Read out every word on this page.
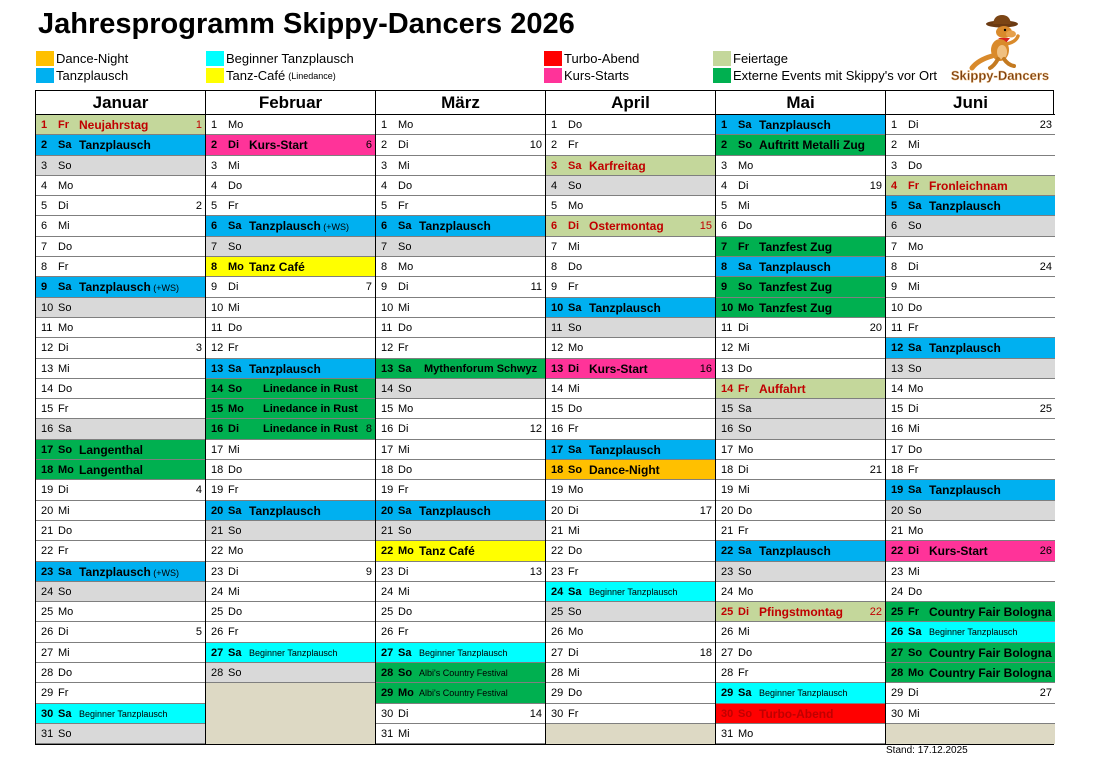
Jahresprogramm Skippy-Dancers 2026
Dance-Night
Tanzplausch
Beginner Tanzplausch
Tanz-Café (Linedance)
Turbo-Abend
Kurs-Starts
Feiertage
Externe Events mit Skippy's vor Ort Skippy-Dancers
Januar
1 Fr Neujahrstag	1
2 Sa Tanzplausch
3 So
4 Mo
5 Di	2
6 Mi
7 Do
8 Fr
9 Sa Tanzplausch (+WS)
10 So
11 Mo
12 Di	3
13 Mi
14 Do
15 Fr
16 Sa
17 So Langenthal
18 Mo Langenthal
19 Di	4
20 Mi
21 Do
22 Fr
23 Sa Tanzplausch (+WS)
24 So
25 Mo
26 Di	5
27 Mi
28 Do
29 Fr
30 Sa Beginner Tanzplausch
31 So
Februar
1 Mo
2 Di Kurs-Start	6
3 Mi
4 Do
5 Fr
6 Sa Tanzplausch (+WS)
7 So
8 Mo Tanz Café
9 Di	7
10 Mi
11 Do
12 Fr
13 Sa Tanzplausch
14 So Linedance in Rust
15 Mo Linedance in Rust
16 Di Linedance in Rust 8
17 Mi
18 Do
19 Fr
20 Sa Tanzplausch
21 So
22 Mo
23 Di	9
24 Mi
25 Do
26 Fr
27 Sa Beginner Tanzplausch
28 So
März
1 Mo
2 Di	10
3 Mi
4 Do
5 Fr
6 Sa Tanzplausch
7 So
8 Mo
9 Di	11
10 Mi
11 Do
12 Fr
13 Sa Mythenforum Schwyz
14 So
15 Mo
16 Di	12
17 Mi
18 Do
19 Fr
20 Sa Tanzplausch
21 So
22 Mo Tanz Café
23 Di	13
24 Mi
25 Do
26 Fr
27 Sa Beginner Tanzplausch
28 So Albi's Country Festival
29 Mo Albi's Country Festival
30 Di	14
31 Mi
April
1 Do
2 Fr
3 Sa Karfreitag
4 So
5 Mo
6 Di Ostermontag	15
7 Mi
8 Do
9 Fr
10 Sa Tanzplausch
11 So
12 Mo
13 Di Kurs-Start	16
14 Mi
15 Do
16 Fr
17 Sa Tanzplausch
18 So Dance-Night
19 Mo
20 Di	17
21 Mi
22 Do
23 Fr
24 Sa Beginner Tanzplausch
25 So
26 Mo
27 Di	18
28 Mi
29 Do
30 Fr
Mai
1 Sa Tanzplausch
2 So Auftritt Metalli Zug
3 Mo
4 Di	19
5 Mi
6 Do
7 Fr Tanzfest Zug
8 Sa Tanzplausch
9 So Tanzfest Zug
10 Mo Tanzfest Zug
11 Di	20
12 Mi
13 Do
14 Fr Auffahrt
15 Sa
16 So
17 Mo
18 Di	21
19 Mi
20 Do
21 Fr
22 Sa Tanzplausch
23 So
24 Mo
25 Di Pfingstmontag 22
26 Mi
27 Do
28 Fr
29 Sa Beginner Tanzplausch
30 So Turbo-Abend
31 Mo
Juni
1 Di	23
2 Mi
3 Do
4 Fr Fronleichnam
5 Sa Tanzplausch
6 So
7 Mo
8 Di	24
9 Mi
10 Do
11 Fr
12 Sa Tanzplausch
13 So
14 Mo
15 Di	25
16 Mi
17 Do
18 Fr
19 Sa Tanzplausch
20 So
21 Mo
22 Di Kurs-Start	26
23 Mi
24 Do
25 Fr Country Fair Bologna
26 Sa Beginner Tanzplausch
27 So Country Fair Bologna
28 Mo Country Fair Bologna
29 Di	27
30 Mi
Stand: 17.12.2025
